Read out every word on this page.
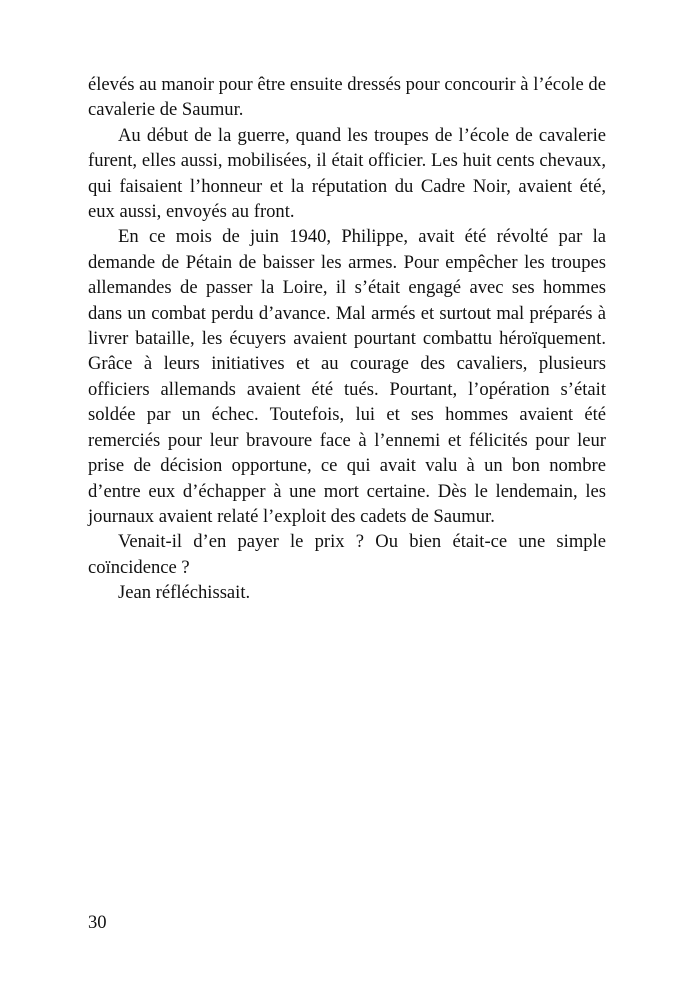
élevés au manoir pour être ensuite dressés pour concourir à l’école de cavalerie de Saumur.

Au début de la guerre, quand les troupes de l’école de cavalerie furent, elles aussi, mobilisées, il était officier. Les huit cents chevaux, qui faisaient l’honneur et la réputation du Cadre Noir, avaient été, eux aussi, envoyés au front.

En ce mois de juin 1940, Philippe, avait été révolté par la demande de Pétain de baisser les armes. Pour empêcher les troupes allemandes de passer la Loire, il s’était engagé avec ses hommes dans un combat perdu d’avance. Mal armés et surtout mal préparés à livrer bataille, les écuyers avaient pourtant combattu héroïquement. Grâce à leurs initiatives et au courage des cavaliers, plusieurs officiers allemands avaient été tués. Pourtant, l’opération s’était soldée par un échec. Toutefois, lui et ses hommes avaient été remerciés pour leur bravoure face à l’ennemi et félicités pour leur prise de décision opportune, ce qui avait valu à un bon nombre d’entre eux d’échapper à une mort certaine. Dès le lendemain, les journaux avaient relaté l’exploit des cadets de Saumur.

Venait-il d’en payer le prix ? Ou bien était-ce une simple coïncidence ?

Jean réfléchissait.

30
